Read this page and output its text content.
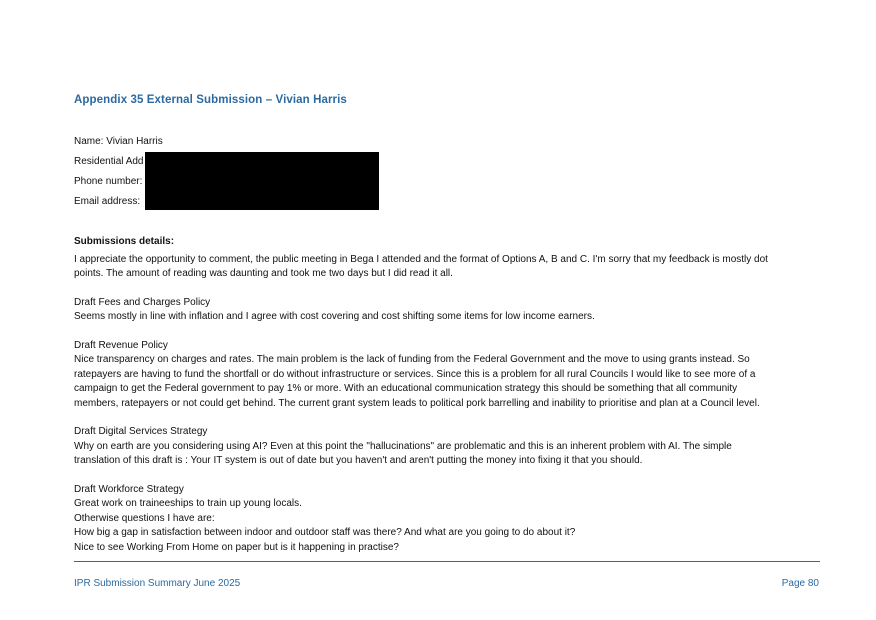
Appendix 35 External Submission – Vivian Harris
Name: Vivian Harris
Residential Add
Phone number:
Email address:

Submissions details:

I appreciate the opportunity to comment, the public meeting in Bega I attended and the format of Options A, B and C. I'm sorry that my feedback is mostly dot

points. The amount of reading was daunting and took me two days but I did read it all.

Draft Fees and Charges Policy

Seems mostly in line with inflation and I agree with cost covering and cost shifting some items for low income earners.

Draft Revenue Policy

Nice transparency on charges and rates. The main problem is the lack of funding from the Federal Government and the move to using grants instead. So

ratepayers are having to fund the shortfall or do without infrastructure or services. Since this is a problem for all rural Councils I would like to see more of a

campaign to get the Federal government to pay 1% or more. With an educational communication strategy this should be something that all community

members, ratepayers or not could get behind. The current grant system leads to political pork barrelling and inability to prioritise and plan at a Council level.

Draft Digital Services Strategy

Why on earth are you considering using AI? Even at this point the "hallucinations" are problematic and this is an inherent problem with AI. The simple

translation of this draft is : Your IT system is out of date but you haven't and aren't putting the money into fixing it that you should.

Draft Workforce Strategy

Great work on traineeships to train up young locals.

Otherwise questions I have are:

How big a gap in satisfaction between indoor and outdoor staff was there? And what are you going to do about it?

Nice to see Working From Home on paper but is it happening in practise?

IPR Submission Summary June 2025	Page 80
